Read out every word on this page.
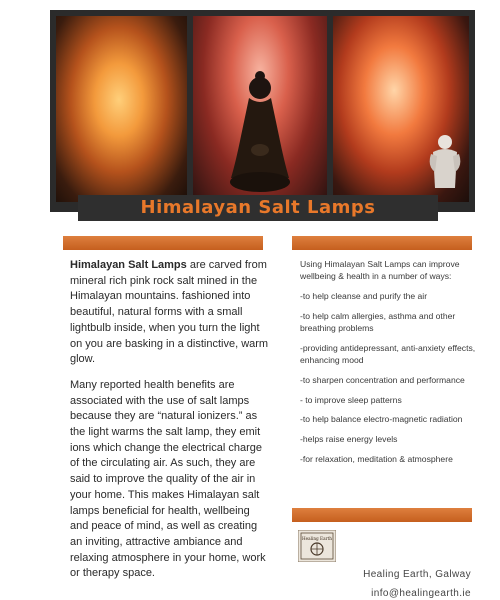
Himalayan Salt Lamps

Himalayan Salt Lamps are carved from mineral rich pink rock salt mined in the Himalayan mountains. fashioned into beautiful, natural forms with a small lightbulb inside, when you turn the light on you are basking in a distinctive, warm glow.

Many reported health benefits are associated with the use of salt lamps because they are “natural ionizers.” as the light warms the salt lamp, they emit ions which change the electrical charge of the circulating air. As such, they are said to improve the quality of the air in your home. This makes Himalayan salt lamps beneficial for health, wellbeing and peace of mind, as well as creating an inviting, attractive ambiance and relaxing atmosphere in your home, work or therapy space.

Using Himalayan Salt Lamps can improve wellbeing & health in a number of ways:

-to help cleanse and purify the air

-to help calm allergies, asthma and other breathing problems

-providing antidepressant, anti-anxiety effects, enhancing mood

-to sharpen concentration and performance

- to improve sleep patterns

-to help balance electro-magnetic radiation

-helps raise energy levels

-for relaxation, meditation & atmosphere

Healing Earth
Healing Earth, Galway
info@healingearth.ie
